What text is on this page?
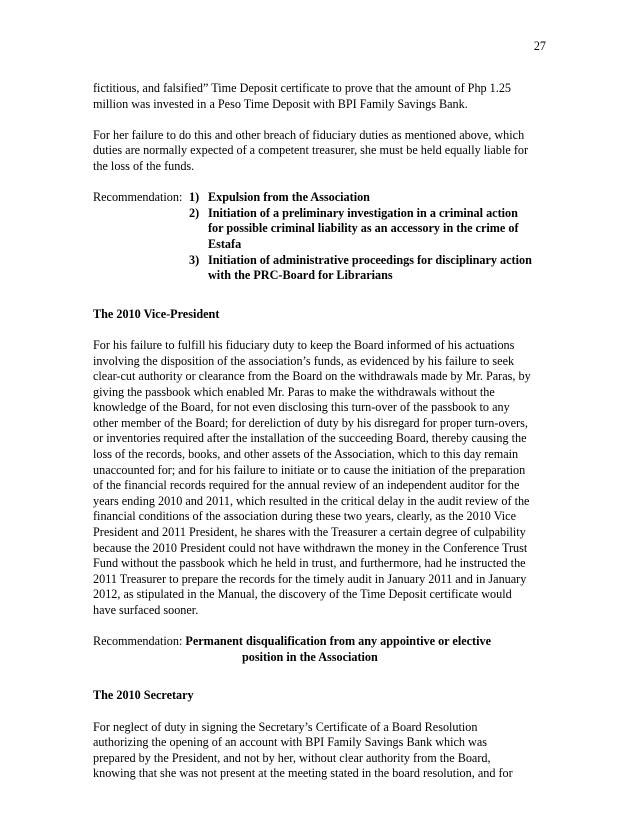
27

fictitious, and falsified” Time Deposit certificate to prove that the amount of Php 1.25
million was invested in a Peso Time Deposit with BPI Family Savings Bank.

For her failure to do this and other breach of fiduciary duties as mentioned above, which
duties are normally expected of a competent treasurer, she must be held equally liable for
the loss of the funds.

Recommendation: 1) Expulsion from the Association
2) Initiation of a preliminary investigation in a criminal action
for possible criminal liability as an accessory in the crime of
Estafa
3) Initiation of administrative proceedings for disciplinary action
with the PRC-Board for Librarians

The 2010 Vice-President

For his failure to fulfill his fiduciary duty to keep the Board informed of his actuations
involving the disposition of the association’s funds, as evidenced by his failure to seek
clear-cut authority or clearance from the Board on the withdrawals made by Mr. Paras, by
giving the passbook which enabled Mr. Paras to make the withdrawals without the
knowledge of the Board, for not even disclosing this turn-over of the passbook to any
other member of the Board; for dereliction of duty by his disregard for proper turn-overs,
or inventories required after the installation of the succeeding Board, thereby causing the
loss of the records, books, and other assets of the Association, which to this day remain
unaccounted for; and for his failure to initiate or to cause the initiation of the preparation
of the financial records required for the annual review of an independent auditor for the
years ending 2010 and 2011, which resulted in the critical delay in the audit review of the
financial conditions of the association during these two years, clearly, as the 2010 Vice
President and 2011 President, he shares with the Treasurer a certain degree of culpability
because the 2010 President could not have withdrawn the money in the Conference Trust
Fund without the passbook which he held in trust, and furthermore, had he instructed the
2011 Treasurer to prepare the records for the timely audit in January 2011 and in January
2012, as stipulated in the Manual, the discovery of the Time Deposit certificate would
have surfaced sooner.

Recommendation: Permanent disqualification from any appointive or elective
position in the Association

The 2010 Secretary

For neglect of duty in signing the Secretary’s Certificate of a Board Resolution
authorizing the opening of an account with BPI Family Savings Bank which was
prepared by the President, and not by her, without clear authority from the Board,
knowing that she was not present at the meeting stated in the board resolution, and for
